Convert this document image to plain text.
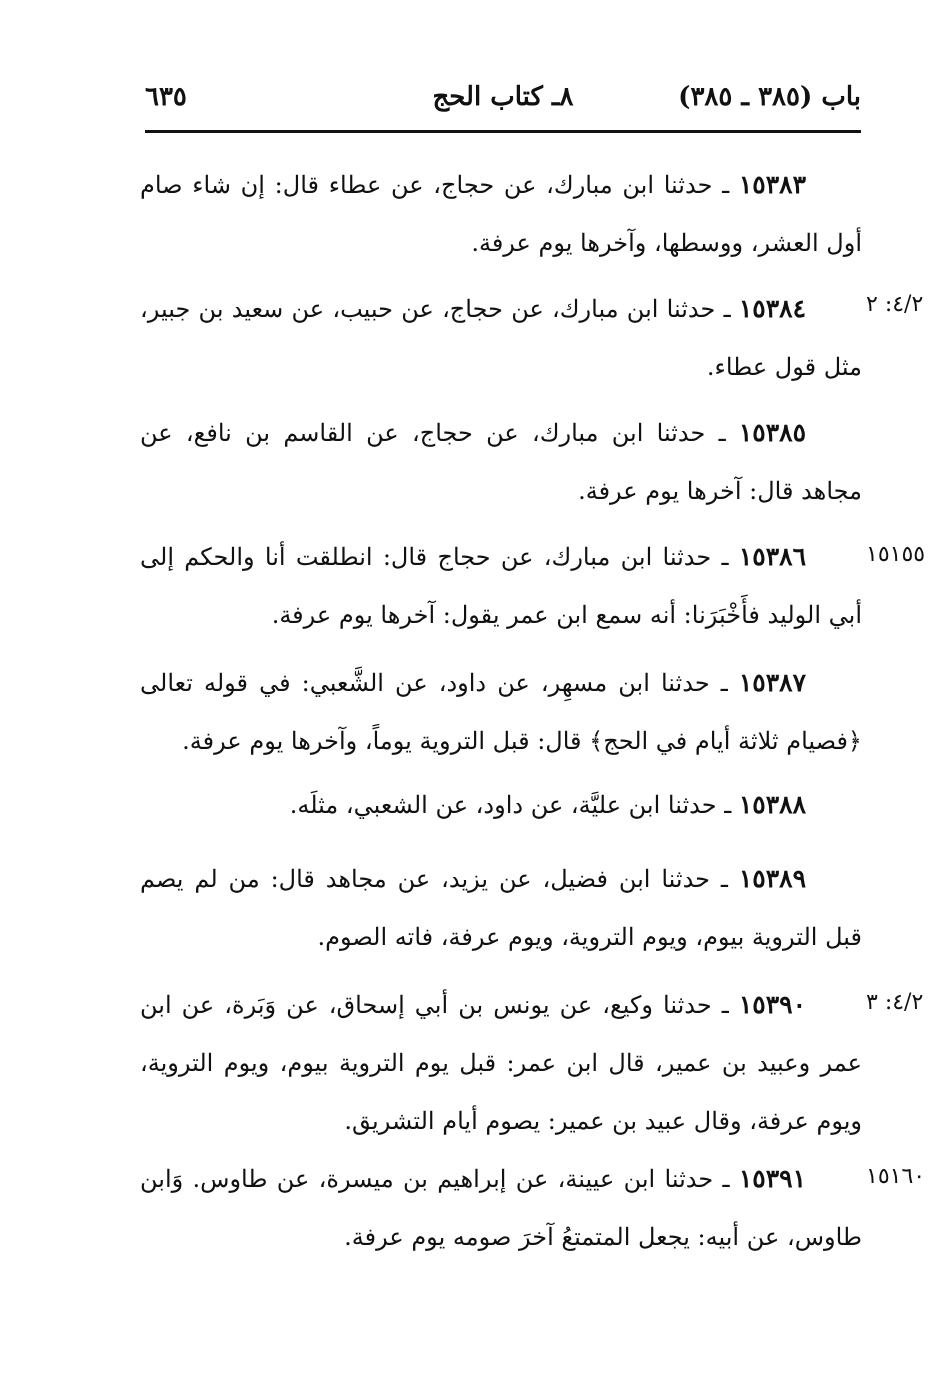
باب (٣٨٥ ـ ٣٨٥)
٨ـ كتاب الحج
٦٣٥
١٥٣٨٣ ـ حدثنا ابن مبارك، عن حجاج، عن عطاء قال: إن شاء صام أول العشر، ووسطها، وآخرها يوم عرفة.
٤/٢: ٢
١٥٣٨٤ ـ حدثنا ابن مبارك، عن حجاج، عن حبيب، عن سعيد بن جبير، مثل قول عطاء.
١٥٣٨٥ ـ حدثنا ابن مبارك، عن حجاج، عن القاسم بن نافع، عن مجاهد قال: آخرها يوم عرفة.
١٥١٥٥
١٥٣٨٦ ـ حدثنا ابن مبارك، عن حجاج قال: انطلقت أنا والحكم إلى أبي الوليد فأَخْبَرَنا: أنه سمع ابن عمر يقول: آخرها يوم عرفة.
١٥٣٨٧ ـ حدثنا ابن مسهِر، عن داود، عن الشَّعبي: في قوله تعالى ﴿فصيام ثلاثة أيام في الحج﴾ قال: قبل التروية يوماً، وآخرها يوم عرفة.
١٥٣٨٨ ـ حدثنا ابن عليَّة، عن داود، عن الشعبي، مثلَه.
١٥٣٨٩ ـ حدثنا ابن فضيل، عن يزيد، عن مجاهد قال: من لم يصم قبل التروية بيوم، ويوم التروية، ويوم عرفة، فاته الصوم.
٤/٢: ٣
١٥٣٩٠ ـ حدثنا وكيع، عن يونس بن أبي إسحاق، عن وَبَرة، عن ابن عمر وعبيد بن عمير، قال ابن عمر: قبل يوم التروية بيوم، ويوم التروية، ويوم عرفة، وقال عبيد بن عمير: يصوم أيام التشريق.
١٥١٦٠
١٥٣٩١ ـ حدثنا ابن عيينة، عن إبراهيم بن ميسرة، عن طاوس. وَابن طاوس، عن أبيه: يجعل المتمتعُ آخرَ صومه يوم عرفة.
